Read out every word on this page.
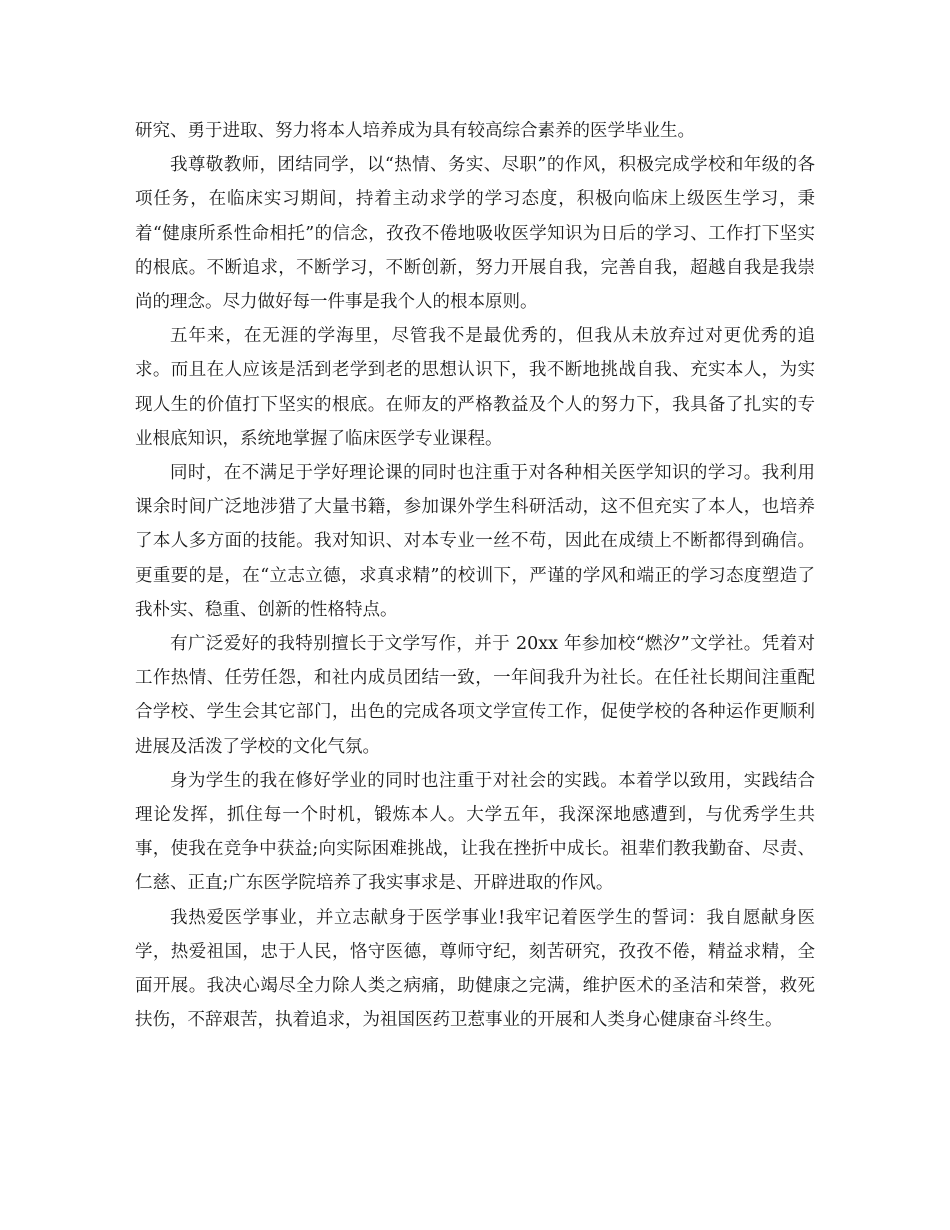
研究、勇于进取、努力将本人培养成为具有较高综合素养的医学毕业生。

我尊敬教师，团结同学，以“热情、务实、尽职”的作风，积极完成学校和年级的各项任务，在临床实习期间，持着主动求学的学习态度，积极向临床上级医生学习，秉着“健康所系性命相托”的信念，孜孜不倦地吸收医学知识为日后的学习、工作打下坚实的根底。不断追求，不断学习，不断创新，努力开展自我，完善自我，超越自我是我崇尚的理念。尽力做好每一件事是我个人的根本原则。

五年来，在无涯的学海里，尽管我不是最优秀的，但我从未放弃过对更优秀的追求。而且在人应该是活到老学到老的思想认识下，我不断地挑战自我、充实本人，为实现人生的价值打下坚实的根底。在师友的严格教益及个人的努力下，我具备了扎实的专业根底知识，系统地掌握了临床医学专业课程。

同时，在不满足于学好理论课的同时也注重于对各种相关医学知识的学习。我利用课余时间广泛地涉猎了大量书籍，参加课外学生科研活动，这不但充实了本人，也培养了本人多方面的技能。我对知识、对本专业一丝不苟，因此在成绩上不断都得到确信。更重要的是，在“立志立德，求真求精”的校训下，严谨的学风和端正的学习态度塑造了我朴实、稳重、创新的性格特点。

有广泛爱好的我特别擅长于文学写作，并于 20xx 年参加校“燃汐”文学社。凭着对工作热情、任劳任怨，和社内成员团结一致，一年间我升为社长。在任社长期间注重配合学校、学生会其它部门，出色的完成各项文学宣传工作，促使学校的各种运作更顺利进展及活泼了学校的文化气氛。

身为学生的我在修好学业的同时也注重于对社会的实践。本着学以致用，实践结合理论发挥，抓住每一个时机，锻炼本人。大学五年，我深深地感遭到，与优秀学生共事，使我在竞争中获益;向实际困难挑战，让我在挫折中成长。祖辈们教我勤奋、尽责、仁慈、正直;广东医学院培养了我实事求是、开辟进取的作风。

我热爱医学事业，并立志献身于医学事业!我牢记着医学生的誓词：我自愿献身医学，热爱祖国，忠于人民，恪守医德，尊师守纪，刻苦研究，孜孜不倦，精益求精，全面开展。我决心竭尽全力除人类之病痛，助健康之完满，维护医术的圣洁和荣誉，救死扶伤，不辞艰苦，执着追求，为祖国医药卫惹事业的开展和人类身心健康奋斗终生。
